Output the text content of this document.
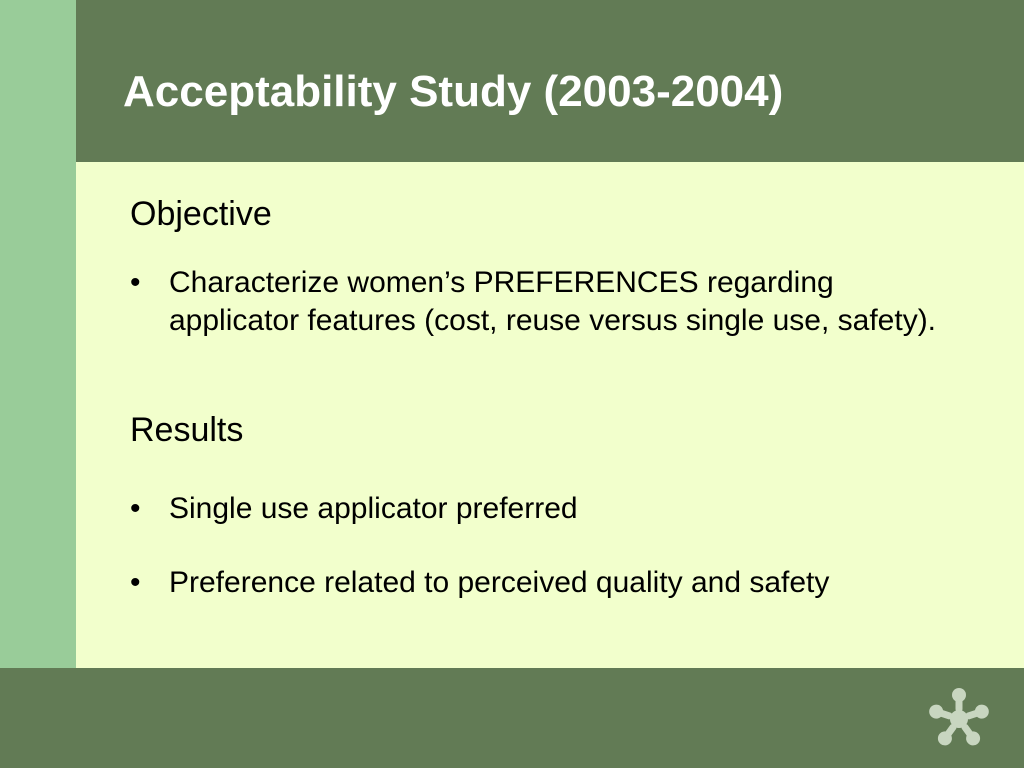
Acceptability Study (2003-2004)
Objective
• Characterize women’s PREFERENCES regarding applicator features (cost, reuse versus single use, safety).
Results
• Single use applicator preferred
• Preference related to perceived quality and safety
